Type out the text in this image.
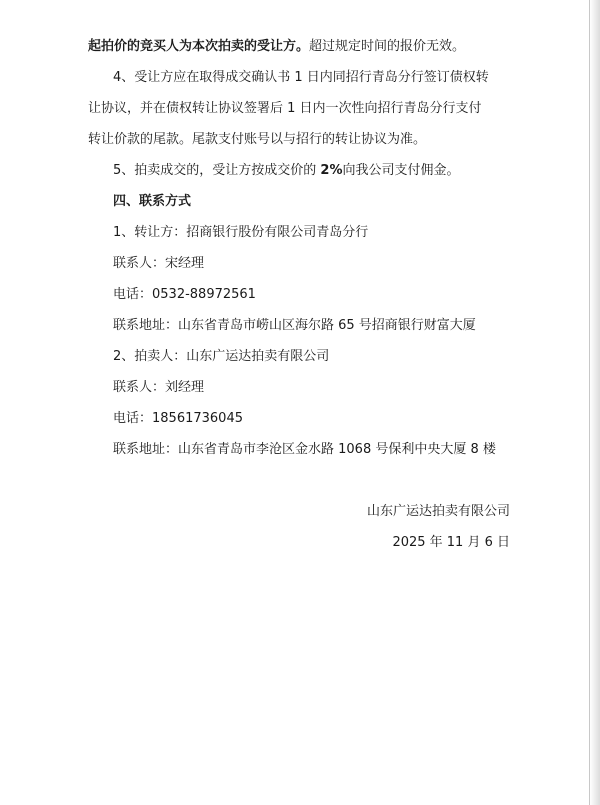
起拍价的竞买人为本次拍卖的受让方。超过规定时间的报价无效。
4、受让方应在取得成交确认书 1 日内同招行青岛分行签订债权转
让协议，并在债权转让协议签署后 1 日内一次性向招行青岛分行支付
转让价款的尾款。尾款支付账号以与招行的转让协议为准。
5、拍卖成交的，受让方按成交价的 2%向我公司支付佣金。
四、联系方式
1、转让方：招商银行股份有限公司青岛分行
联系人：宋经理
电话：0532-88972561
联系地址：山东省青岛市崂山区海尔路 65 号招商银行财富大厦
2、拍卖人：山东广运达拍卖有限公司
联系人：刘经理
电话：18561736045
联系地址：山东省青岛市李沧区金水路 1068 号保利中央大厦 8 楼
山东广运达拍卖有限公司
2025 年 11 月 6 日
